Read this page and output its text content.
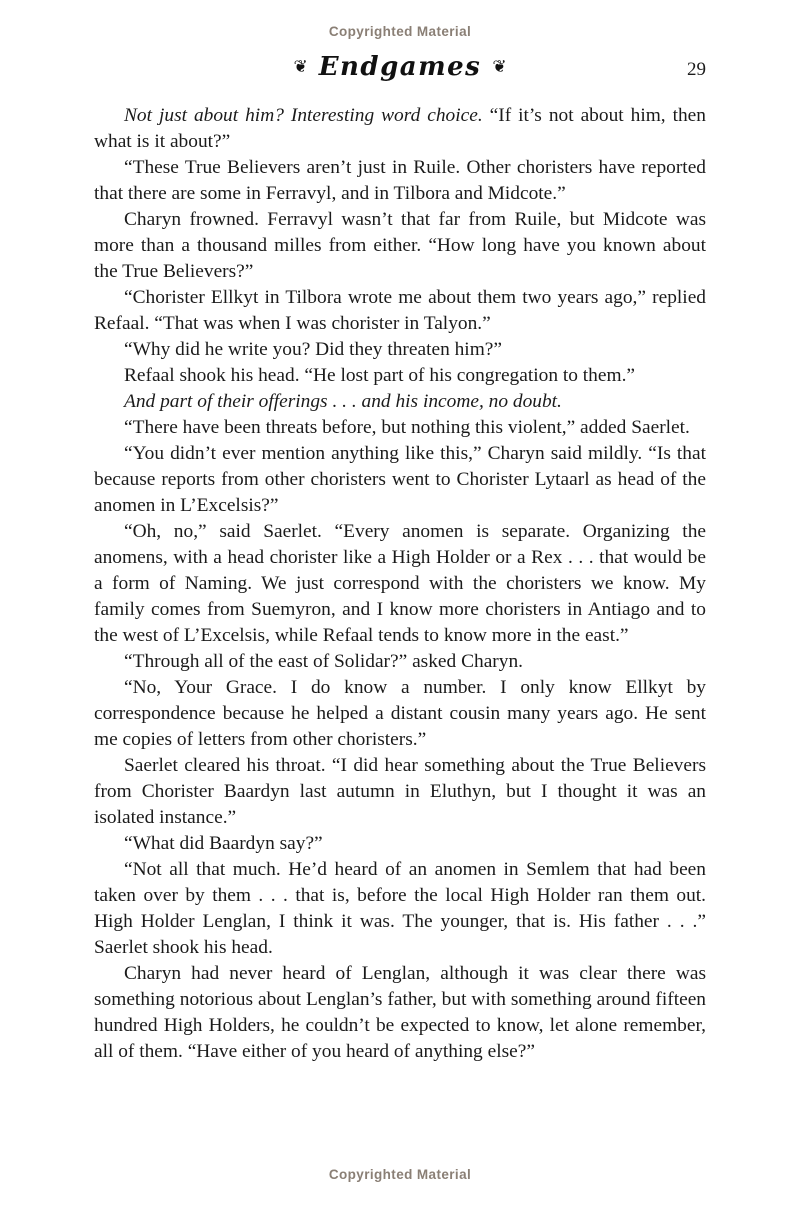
Copyrighted Material
❦ Endgames ❦	29

Not just about him? Interesting word choice. “If it’s not about him, then what is it about?”

“These True Believers aren’t just in Ruile. Other choristers have reported that there are some in Ferravyl, and in Tilbora and Midcote.”

Charyn frowned. Ferravyl wasn’t that far from Ruile, but Midcote was more than a thousand milles from either. “How long have you known about the True Believers?”

“Chorister Ellkyt in Tilbora wrote me about them two years ago,” replied Refaal. “That was when I was chorister in Talyon.”

“Why did he write you? Did they threaten him?”

Refaal shook his head. “He lost part of his congregation to them.”

And part of their offerings . . . and his income, no doubt.

“There have been threats before, but nothing this violent,” added Saerlet.

“You didn’t ever mention anything like this,” Charyn said mildly. “Is that because reports from other choristers went to Chorister Lytaarl as head of the anomen in L’Excelsis?”

“Oh, no,” said Saerlet. “Every anomen is separate. Organizing the anomens, with a head chorister like a High Holder or a Rex . . . that would be a form of Naming. We just correspond with the choristers we know. My family comes from Suemyron, and I know more choristers in Antiago and to the west of L’Excelsis, while Refaal tends to know more in the east.”

“Through all of the east of Solidar?” asked Charyn.

“No, Your Grace. I do know a number. I only know Ellkyt by correspondence because he helped a distant cousin many years ago. He sent me copies of letters from other choristers.”

Saerlet cleared his throat. “I did hear something about the True Believers from Chorister Baardyn last autumn in Eluthyn, but I thought it was an isolated instance.”

“What did Baardyn say?”

“Not all that much. He’d heard of an anomen in Semlem that had been taken over by them . . . that is, before the local High Holder ran them out. High Holder Lenglan, I think it was. The younger, that is. His father . . .” Saerlet shook his head.

Charyn had never heard of Lenglan, although it was clear there was something notorious about Lenglan’s father, but with something around fifteen hundred High Holders, he couldn’t be expected to know, let alone remember, all of them. “Have either of you heard of anything else?”

Copyrighted Material
